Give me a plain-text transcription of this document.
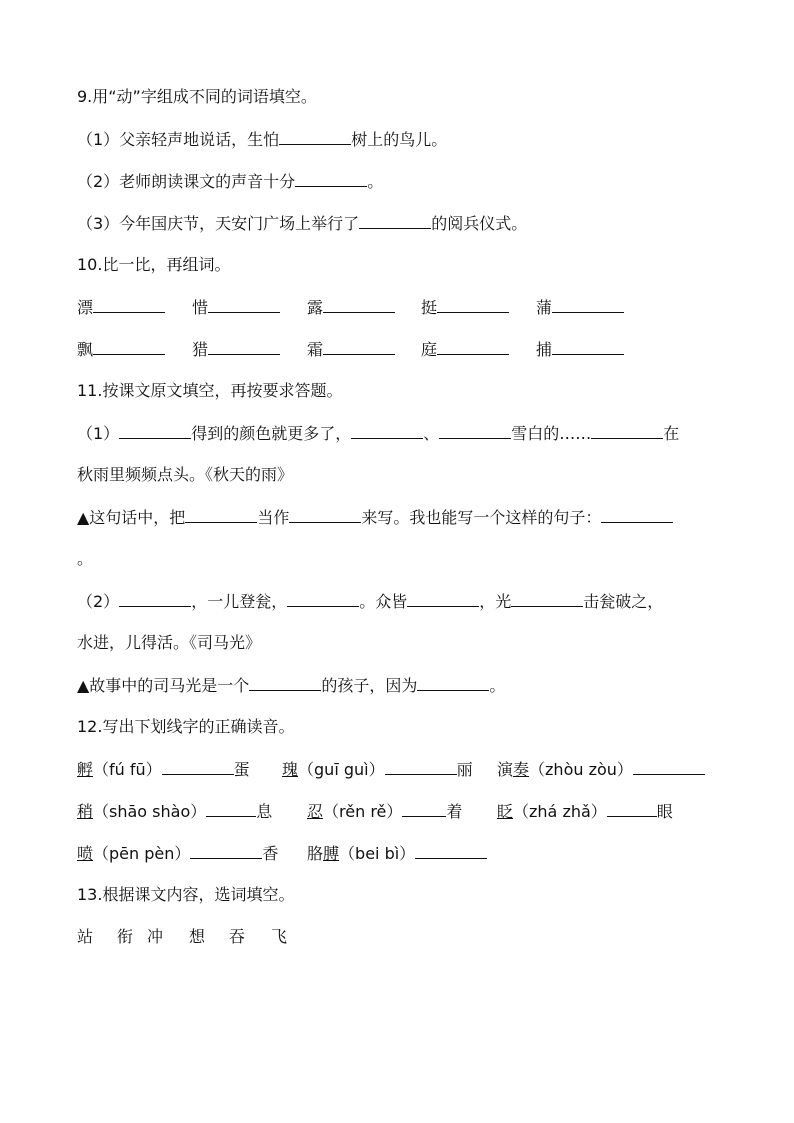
9.用“动”字组成不同的词语填空。
（1）父亲轻声地说话，生怕	树上的鸟儿。
（2）老师朗读课文的声音十分	。
（3）今年国庆节，天安门广场上举行了	的阅兵仪式。
10.比一比，再组词。
漂	惜	露	挺	蒲
飘	猎	霜	庭	捕
11.按课文原文填空，再按要求答题。
（1）	得到的颜色就更多了，	、	雪白的……	在
秋雨里频频点头。《秋天的雨》
▲这句话中，把	当作	来写。我也能写一个这样的句子：
。
（2）	，一儿登瓮，	。众皆	，光	击瓮破之，
水进，儿得活。《司马光》
▲故事中的司马光是一个	的孩子，因为	。
12.写出下划线字的正确读音。
孵（fú fū）	蛋 瑰（guī guì）	丽 演奏（zhòu zòu）
稍（shāo shào）	息 忍（rěn rě）	着 眨（zhá zhǎ）	眼
喷（pēn pèn）	香 胳膊（bei bì）
13.根据课文内容，选词填空。
站 衔 冲 想 吞 飞
